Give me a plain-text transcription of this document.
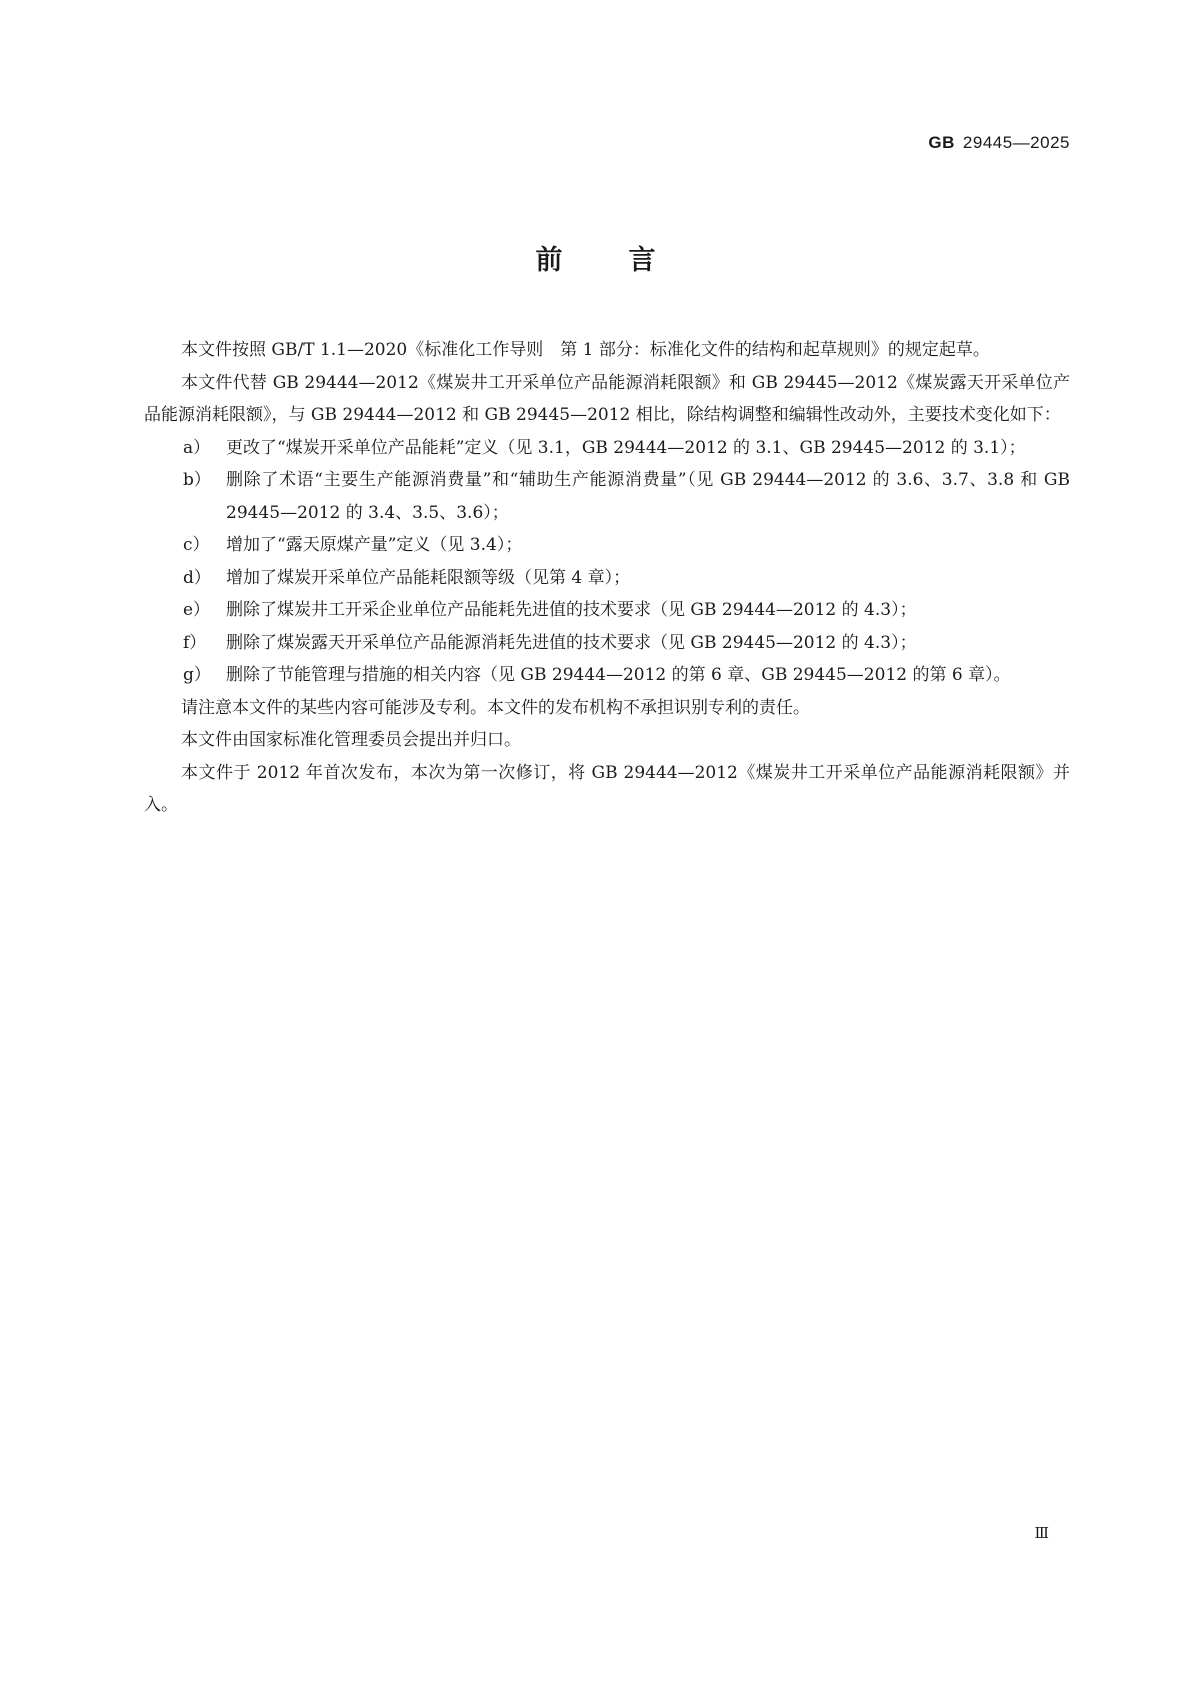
GB 29445—2025
前 言

本文件按照 GB/T 1.1—2020《标准化工作导则　第 1 部分：标准化文件的结构和起草规则》的规定起草。

本文件代替 GB 29444—2012《煤炭井工开采单位产品能源消耗限额》和 GB 29445—2012《煤炭露天开采单位产品能源消耗限额》，与 GB 29444—2012 和 GB 29445—2012 相比，除结构调整和编辑性改动外，主要技术变化如下：

a） 更改了“煤炭开采单位产品能耗”定义（见 3.1，GB 29444—2012 的 3.1、GB 29445—2012 的 3.1）；
b） 删除了术语“主要生产能源消费量”和“辅助生产能源消费量”（见 GB 29444—2012 的 3.6、3.7、3.8 和 GB 29445—2012 的 3.4、3.5、3.6）；
c） 增加了“露天原煤产量”定义（见 3.4）；
d） 增加了煤炭开采单位产品能耗限额等级（见第 4 章）；
e） 删除了煤炭井工开采企业单位产品能耗先进值的技术要求（见 GB 29444—2012 的 4.3）；
f） 删除了煤炭露天开采单位产品能源消耗先进值的技术要求（见 GB 29445—2012 的 4.3）；
g） 删除了节能管理与措施的相关内容（见 GB 29444—2012 的第 6 章、GB 29445—2012 的第 6 章）。

请注意本文件的某些内容可能涉及专利。本文件的发布机构不承担识别专利的责任。

本文件由国家标准化管理委员会提出并归口。

本文件于 2012 年首次发布，本次为第一次修订，将 GB 29444—2012《煤炭井工开采单位产品能源消耗限额》并入。

Ⅲ
